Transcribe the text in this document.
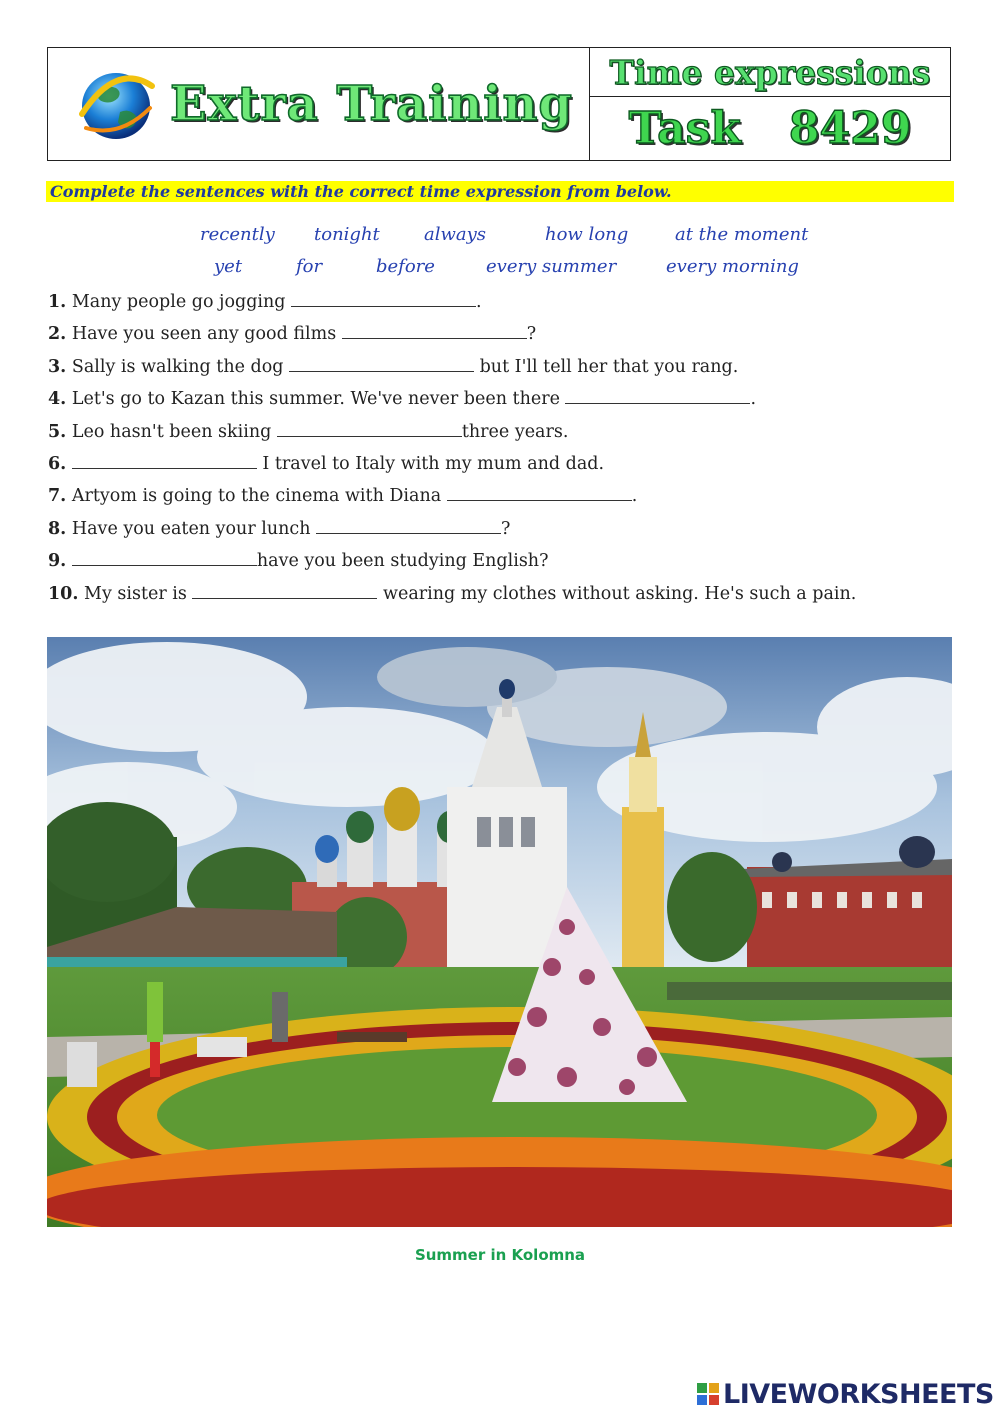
Extra Training
Time expressions
Task 8429
Complete the sentences with the correct time expression from below.
recently tonight always	how long	at the moment
yet	for	before	every summer	every morning
1. Many people go jogging	.
2. Have you seen any good films	?
3. Sally is walking the dog	but I'll tell her that you rang.
4. Let's go to Kazan this summer. We've never been there	.
5. Leo hasn't been skiing	three years.
6.	I travel to Italy with my mum and dad.
7. Artyom is going to the cinema with Diana	.
8. Have you eaten your lunch	?
9.	have you been studying English?
10. My sister is	wearing my clothes without asking. He's such a pain.
Summer in Kolomna
LIVEWORKSHEETS
